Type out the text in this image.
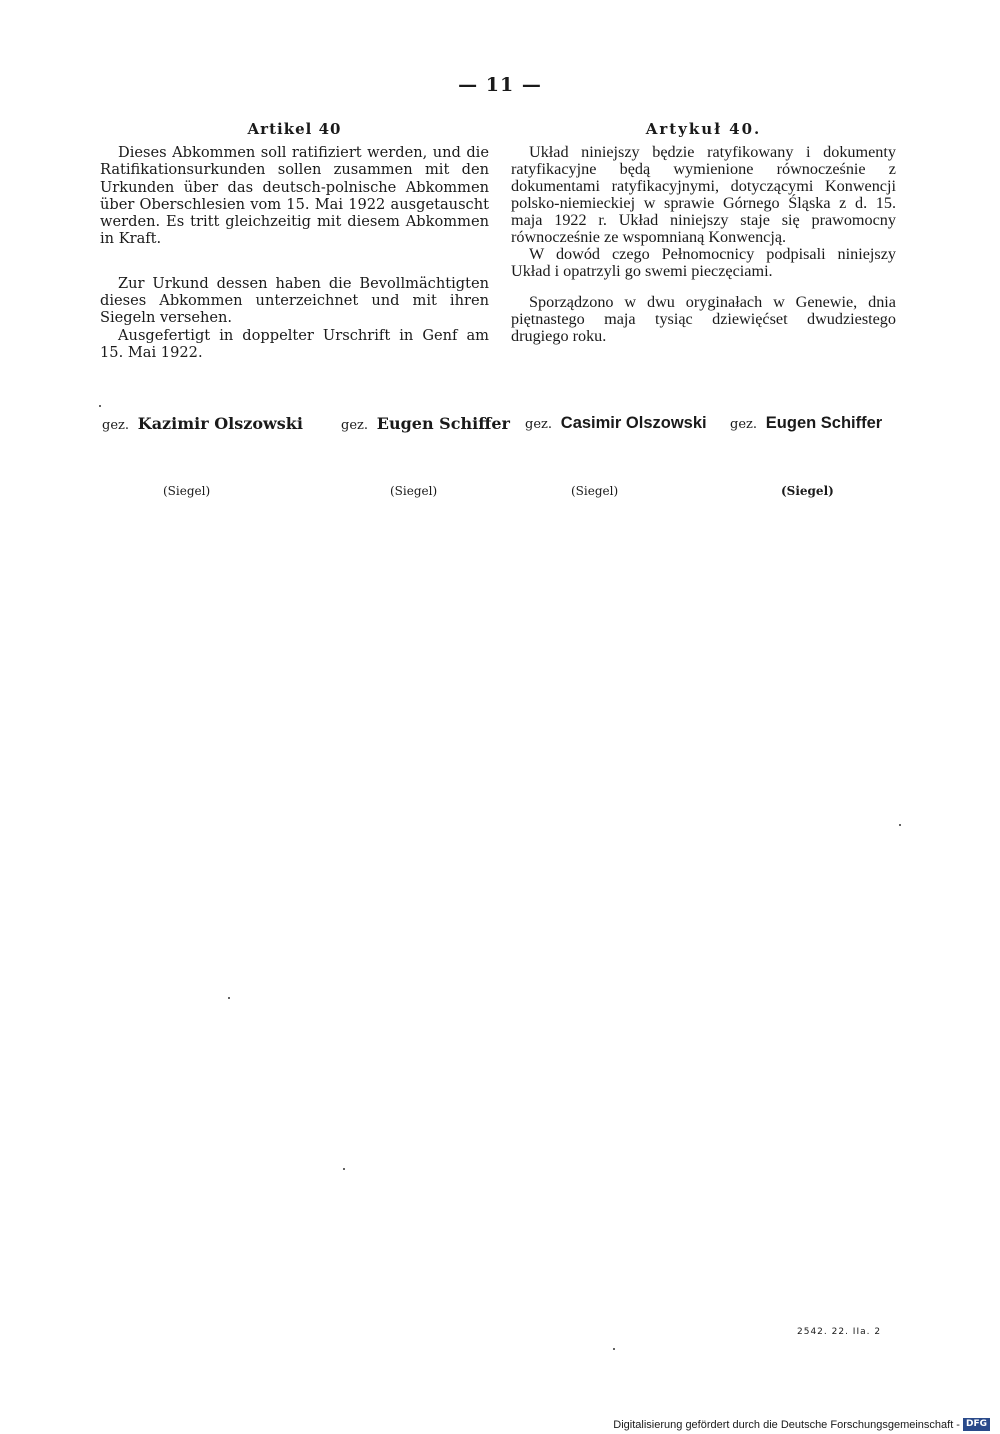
— 11 —
Artikel 40

Dieses Abkommen soll ratifiziert werden, und die Ratifikationsurkunden sollen zusammen mit den Urkunden über das deutsch-polnische Abkommen über Oberschlesien vom 15. Mai 1922 ausgetauscht werden. Es tritt gleichzeitig mit diesem Abkommen in Kraft.

Zur Urkund dessen haben die Bevollmächtigten dieses Abkommen unterzeichnet und mit ihren Siegeln versehen.

Ausgefertigt in doppelter Urschrift in Genf am 15. Mai 1922.

Artykuł 40.

Układ niniejszy będzie ratyfikowany i dokumenty ratyfikacyjne będą wymienione równocześnie z dokumentami ratyfikacyjnymi, dotyczącymi Konwencji polsko-niemieckiej w sprawie Górnego Śląska z d. 15. maja 1922 r. Układ niniejszy staje się prawomocny równocześnie ze wspomnianą Konwencją.

W dowód czego Pełnomocnicy podpisali niniejszy Układ i opatrzyli go swemi pieczęciami.

Sporządzono w dwu oryginałach w Genewie, dnia piętnastego maja tysiąc dziewięćset dwudziestego drugiego roku.

gez. Kazimir Olszowski	gez. Eugen Schiffer gez. Casimir Olszowski gez. Eugen Schiffer
(Siegel)	(Siegel)	(Siegel)	(Siegel)
2542. 22. IIa. 2
Digitalisierung gefördert durch die Deutsche Forschungsgemeinschaft - DFG
